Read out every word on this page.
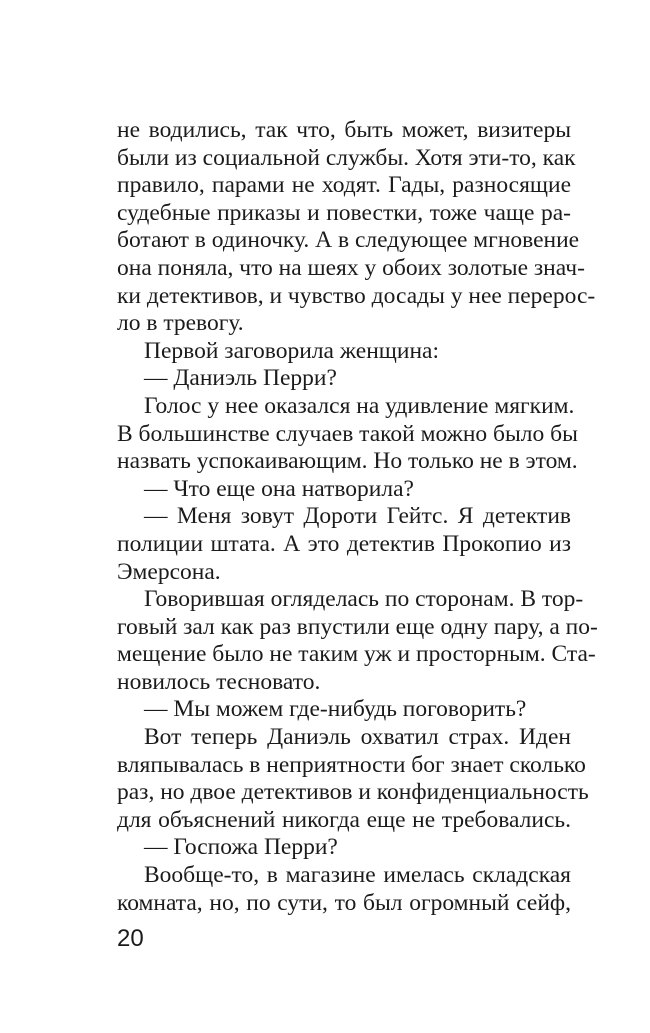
не водились, так что, быть может, визитеры
были из социальной службы. Хотя эти-то, как
правило, парами не ходят. Гады, разносящие
судебные приказы и повестки, тоже чаще ра-
ботают в одиночку. А в следующее мгновение
она поняла, что на шеях у обоих золотые знач-
ки детективов, и чувство досады у нее перерос-
ло в тревогу.
Первой заговорила женщина:
— Даниэль Перри?
Голос у нее оказался на удивление мягким.
В большинстве случаев такой можно было бы
назвать успокаивающим. Но только не в этом.
— Что еще она натворила?
— Меня зовут Дороти Гейтс. Я детектив
полиции штата. А это детектив Прокопио из
Эмерсона.
Говорившая огляделась по сторонам. В тор-
говый зал как раз впустили еще одну пару, а по-
мещение было не таким уж и просторным. Ста-
новилось тесновато.
— Мы можем где-нибудь поговорить?
Вот теперь Даниэль охватил страх. Иден
вляпывалась в неприятности бог знает сколько
раз, но двое детективов и конфиденциальность
для объяснений никогда еще не требовались.
— Госпожа Перри?
Вообще-то, в магазине имелась складская
комната, но, по сути, то был огромный сейф,
20
